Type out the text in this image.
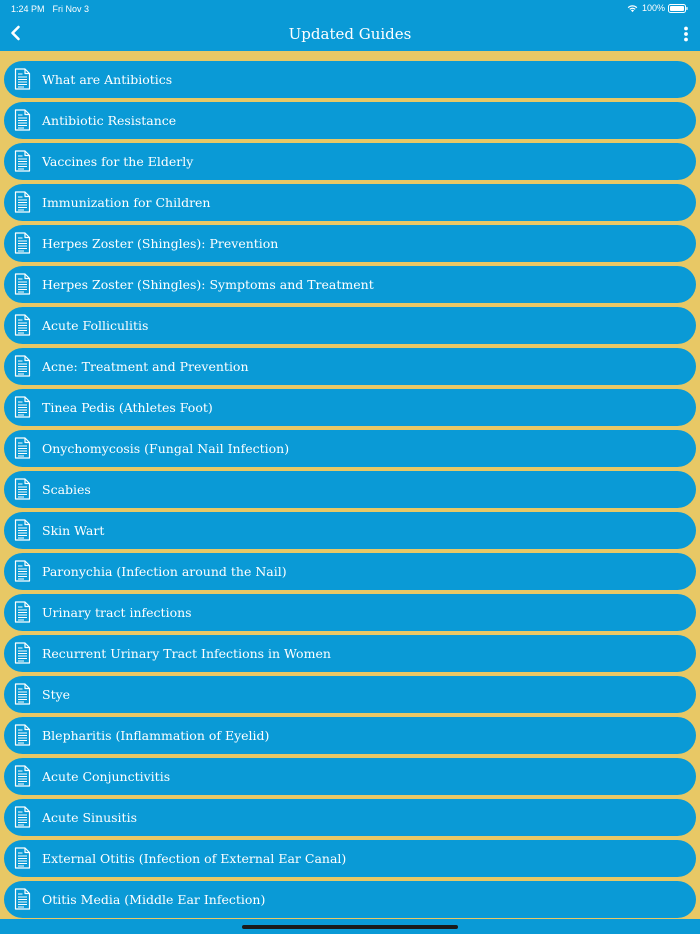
1:24 PM Fri Nov 3	100%
Updated Guides
What are Antibiotics
Antibiotic Resistance
Vaccines for the Elderly
Immunization for Children
Herpes Zoster (Shingles): Prevention
Herpes Zoster (Shingles): Symptoms and Treatment
Acute Folliculitis
Acne: Treatment and Prevention
Tinea Pedis (Athletes Foot)
Onychomycosis (Fungal Nail Infection)
Scabies
Skin Wart
Paronychia (Infection around the Nail)
Urinary tract infections
Recurrent Urinary Tract Infections in Women
Stye
Blepharitis (Inflammation of Eyelid)
Acute Conjunctivitis
Acute Sinusitis
External Otitis (Infection of External Ear Canal)
Otitis Media (Middle Ear Infection)
